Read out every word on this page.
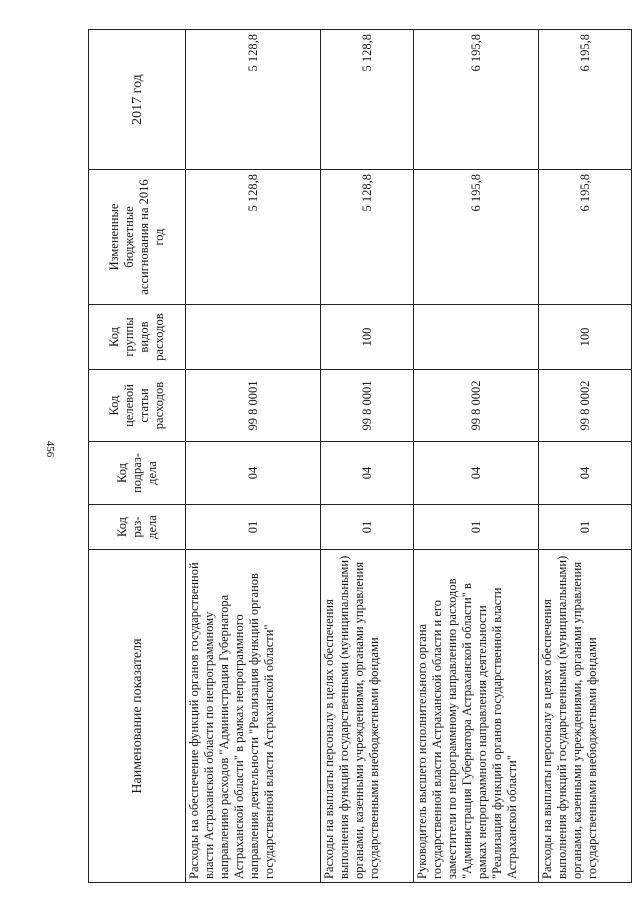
456
Наименование показателя	Код раз-дела	Код подраз-дела	Код целевой статьи расходов	Код группы видов расходов	Измененные бюджетные ассигнования на 2016 год	2017 год
Расходы на обеспечение функций органов государственной власти Астраханской области по непрограммному направлению расходов "Администрация Губернатора Астраханской области" в рамках непрограммного направления деятельности "Реализация функций органов государственной власти Астраханской области"	01	04	99 8 0001		5 128,8	5 128,8
Расходы на выплаты персоналу в целях обеспечения выполнения функций государственными (муниципальными) органами, казенными учреждениями, органами управления государственными внебюджетными фондами	01	04	99 8 0001	100	5 128,8	5 128,8
Руководитель высшего исполнительного органа государственной власти Астраханской области и его заместители по непрограммному направлению расходов "Администрация Губернатора Астраханской области" в рамках непрограммного направления деятельности "Реализация функций органов государственной власти Астраханской области"	01	04	99 8 0002		6 195,8	6 195,8
Расходы на выплаты персоналу в целях обеспечения выполнения функций государственными (муниципальными) органами, казенными учреждениями, органами управления государственными внебюджетными фондами	01	04	99 8 0002	100	6 195,8	6 195,8
